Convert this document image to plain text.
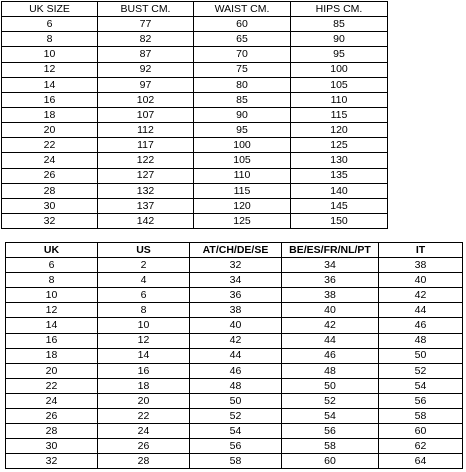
UK SIZE	BUST CM.	WAIST CM.	HIPS CM.
6	77	60	85
8	82	65	90
10	87	70	95
12	92	75	100
14	97	80	105
16	102	85	110
18	107	90	115
20	112	95	120
22	117	100	125
24	122	105	130
26	127	110	135
28	132	115	140
30	137	120	145
32	142	125	150
UK	US	AT/CH/DE/SE	BE/ES/FR/NL/PT	IT
6	2	32	34	38
8	4	34	36	40
10	6	36	38	42
12	8	38	40	44
14	10	40	42	46
16	12	42	44	48
18	14	44	46	50
20	16	46	48	52
22	18	48	50	54
24	20	50	52	56
26	22	52	54	58
28	24	54	56	60
30	26	56	58	62
32	28	58	60	64
